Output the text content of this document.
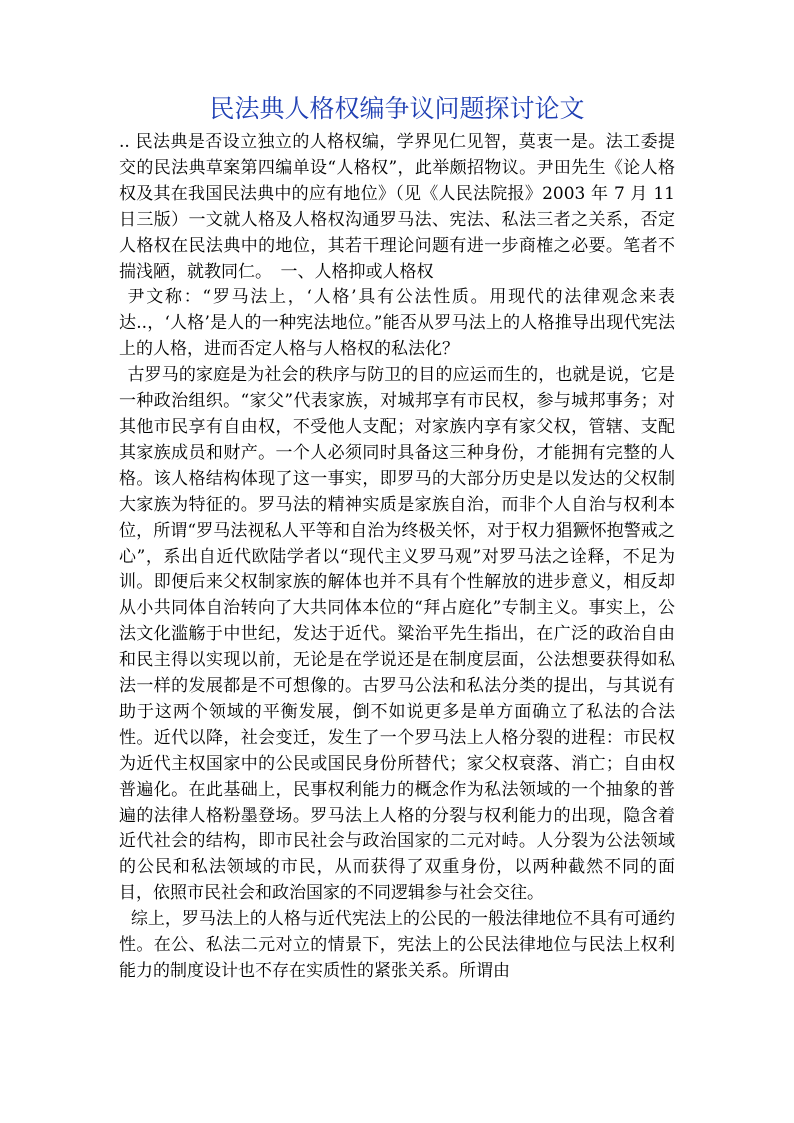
民法典人格权编争议问题探讨论文

.. 民法典是否设立独立的人格权编，学界见仁见智，莫衷一是。法工委提交的民法典草案第四编单设“人格权”，此举颇招物议。尹田先生《论人格权及其在我国民法典中的应有地位》（见《人民法院报》2003 年 7 月 11 日三版）一文就人格及人格权沟通罗马法、宪法、私法三者之关系，否定人格权在民法典中的地位，其若干理论问题有进一步商榷之必要。笔者不揣浅陋，就教同仁。　一、人格抑或人格权

尹文称：“罗马法上，‘人格’具有公法性质。用现代的法律观念来表达..，‘人格’是人的一种宪法地位。”能否从罗马法上的人格推导出现代宪法上的人格，进而否定人格与人格权的私法化？

古罗马的家庭是为社会的秩序与防卫的目的应运而生的，也就是说，它是一种政治组织。“家父”代表家族，对城邦享有市民权，参与城邦事务；对其他市民享有自由权，不受他人支配；对家族内享有家父权，管辖、支配其家族成员和财产。一个人必须同时具备这三种身份，才能拥有完整的人格。该人格结构体现了这一事实，即罗马的大部分历史是以发达的父权制大家族为特征的。罗马法的精神实质是家族自治，而非个人自治与权利本位，所谓“罗马法视私人平等和自治为终极关怀，对于权力猖獗怀抱警戒之心”，系出自近代欧陆学者以“现代主义罗马观”对罗马法之诠释，不足为训。即便后来父权制家族的解体也并不具有个性解放的进步意义，相反却从小共同体自治转向了大共同体本位的“拜占庭化”专制主义。事实上，公法文化滥觞于中世纪，发达于近代。粱治平先生指出，在广泛的政治自由和民主得以实现以前，无论是在学说还是在制度层面，公法想要获得如私法一样的发展都是不可想像的。古罗马公法和私法分类的提出，与其说有助于这两个领域的平衡发展，倒不如说更多是单方面确立了私法的合法性。近代以降，社会变迁，发生了一个罗马法上人格分裂的进程：市民权为近代主权国家中的公民或国民身份所替代；家父权衰落、消亡；自由权普遍化。在此基础上，民事权利能力的概念作为私法领域的一个抽象的普遍的法律人格粉墨登场。罗马法上人格的分裂与权利能力的出现，隐含着近代社会的结构，即市民社会与政治国家的二元对峙。人分裂为公法领域的公民和私法领域的市民，从而获得了双重身份，以两种截然不同的面目，依照市民社会和政治国家的不同逻辑参与社会交往。

综上，罗马法上的人格与近代宪法上的公民的一般法律地位不具有可通约性。在公、私法二元对立的情景下，宪法上的公民法律地位与民法上权利能力的制度设计也不存在实质性的紧张关系。所谓由
